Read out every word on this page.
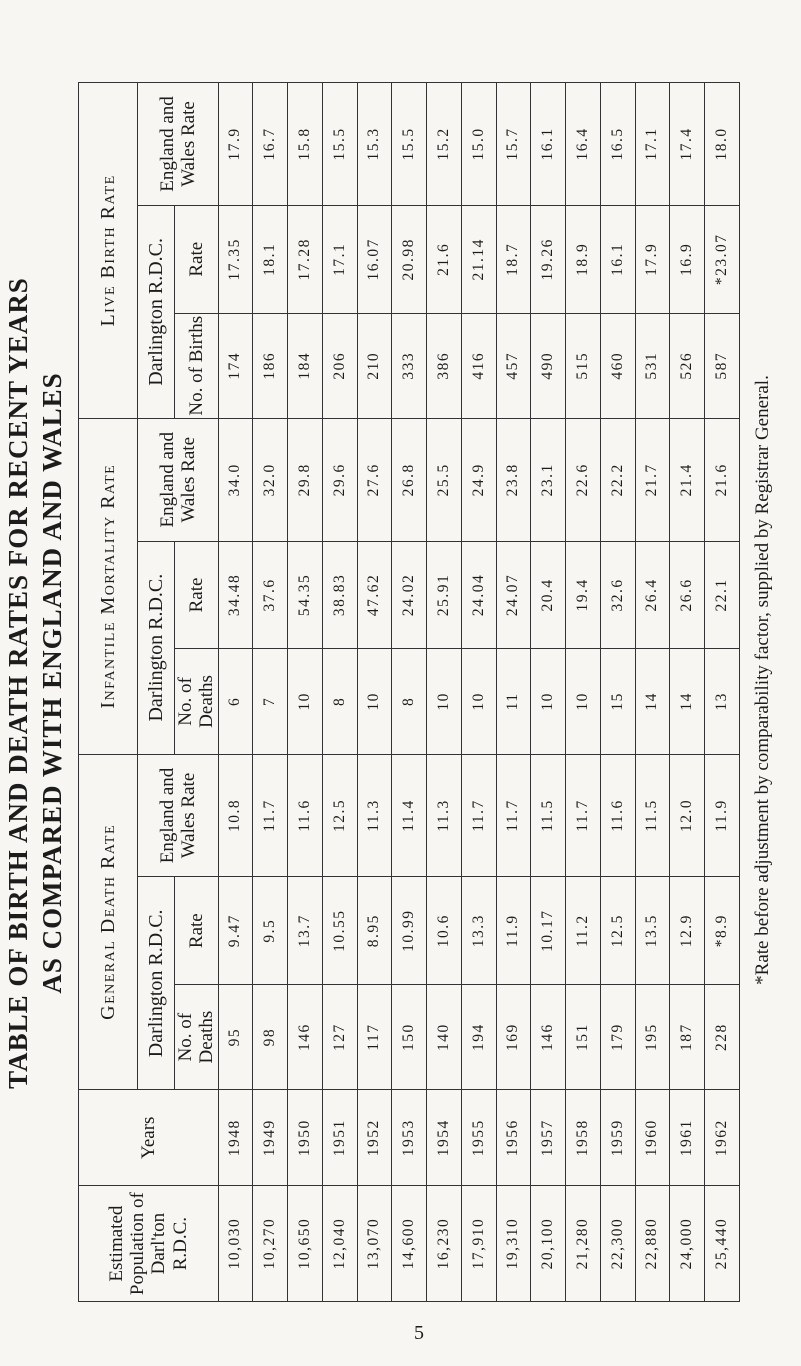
TABLE OF BIRTH AND DEATH RATES FOR RECENT YEARS AS COMPARED WITH ENGLAND AND WALES
Estimated Population of Darl'ton R.D.C.	Years	General Death Rate			Infantile Mortality Rate			Live Birth Rate		
		Darlington R.D.C.		England and Wales Rate	Darlington R.D.C.		England and Wales Rate	Darlington R.D.C.		England and Wales Rate
		No. of Deaths	Rate		No. of Deaths	Rate		No. of Births	Rate	
10,030	1948	95	9.47	10.8	6	34.48	34.0	174	17.35	17.9
10,270	1949	98	9.5	11.7	7	37.6	32.0	186	18.1	16.7
10,650	1950	146	13.7	11.6	10	54.35	29.8	184	17.28	15.8
12,040	1951	127	10.55	12.5	8	38.83	29.6	206	17.1	15.5
13,070	1952	117	8.95	11.3	10	47.62	27.6	210	16.07	15.3
14,600	1953	150	10.99	11.4	8	24.02	26.8	333	20.98	15.5
16,230	1954	140	10.6	11.3	10	25.91	25.5	386	21.6	15.2
17,910	1955	194	13.3	11.7	10	24.04	24.9	416	21.14	15.0
19,310	1956	169	11.9	11.7	11	24.07	23.8	457	18.7	15.7
20,100	1957	146	10.17	11.5	10	20.4	23.1	490	19.26	16.1
21,280	1958	151	11.2	11.7	10	19.4	22.6	515	18.9	16.4
22,300	1959	179	12.5	11.6	15	32.6	22.2	460	16.1	16.5
22,880	1960	195	13.5	11.5	14	26.4	21.7	531	17.9	17.1
24,000	1961	187	12.9	12.0	14	26.6	21.4	526	16.9	17.4
25,440	1962	228	*8.9	11.9	13	22.1	21.6	587	*23.07	18.0
*Rate before adjustment by comparability factor, supplied by Registrar General.
5
